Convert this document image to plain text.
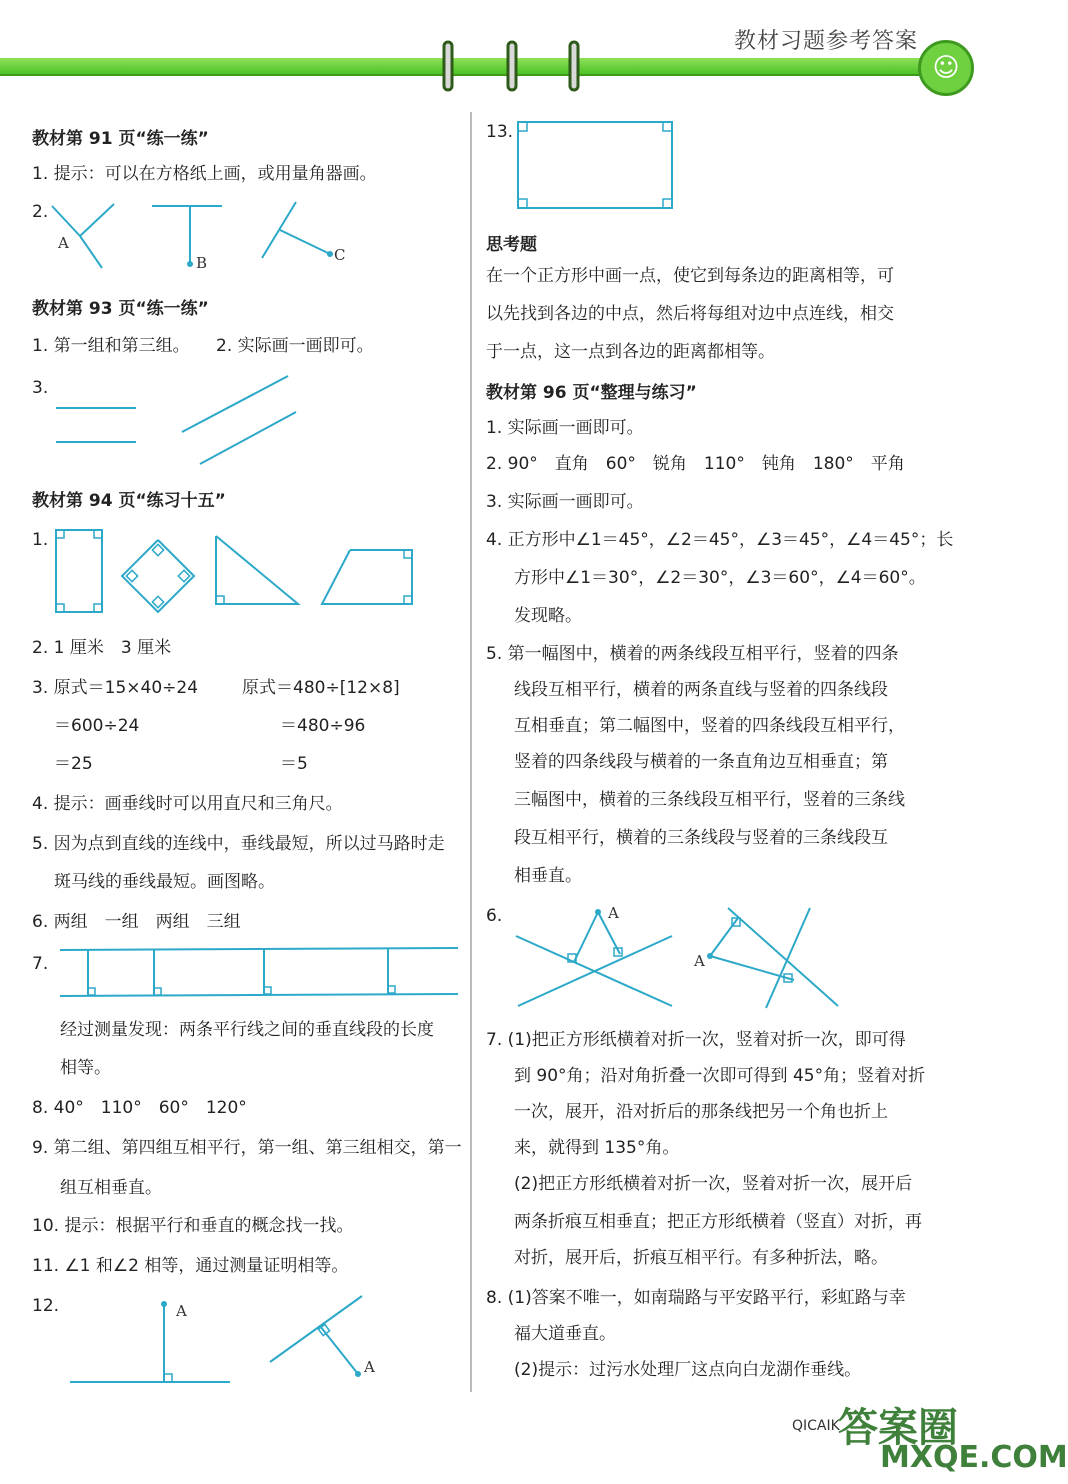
教材习题参考答案
☺
教材第 91 页“练一练”
1. 提示：可以在方格纸上画，或用量角器画。
2.
A
B	C
教材第 93 页“练一练”
1. 第一组和第三组。 2. 实际画一画即可。
3.
教材第 94 页“练习十五”
1.
2. 1 厘米　3 厘米
3. 原式＝15×40÷24
＝600÷24
＝25
原式＝480÷[12×8]
＝480÷96
＝5
4. 提示：画垂线时可以用直尺和三角尺。
5. 因为点到直线的连线中，垂线最短，所以过马路时走
斑马线的垂线最短。画图略。
6. 两组　一组　两组　三组
7.
经过测量发现：两条平行线之间的垂直线段的长度
相等。
8. 40°　110°　60°　120°
9. 第二组、第四组互相平行，第一组、第三组相交，第一
组互相垂直。
10. 提示：根据平行和垂直的概念找一找。
11. ∠1 和∠2 相等，通过测量证明相等。
12.	A
A
13.
思考题
在一个正方形中画一点，使它到每条边的距离相等，可
以先找到各边的中点，然后将每组对边中点连线，相交
于一点，这一点到各边的距离都相等。
教材第 96 页“整理与练习”
1. 实际画一画即可。
2. 90°　直角　60°　锐角　110°　钝角　180°　平角
3. 实际画一画即可。
4. 正方形中∠1＝45°，∠2＝45°，∠3＝45°，∠4＝45°；长
方形中∠1＝30°，∠2＝30°，∠3＝60°，∠4＝60°。
发现略。
5. 第一幅图中，横着的两条线段互相平行，竖着的四条
线段互相平行，横着的两条直线与竖着的四条线段
互相垂直；第二幅图中，竖着的四条线段互相平行，
竖着的四条线段与横着的一条直角边互相垂直；第
三幅图中，横着的三条线段互相平行，竖着的三条线
段互相平行，横着的三条线段与竖着的三条线段互
相垂直。
6.	A
A
7. (1)把正方形纸横着对折一次，竖着对折一次，即可得
到 90°角；沿对角折叠一次即可得到 45°角；竖着对折
一次，展开，沿对折后的那条线把另一个角也折上
来，就得到 135°角。
(2)把正方形纸横着对折一次，竖着对折一次，展开后
两条折痕互相垂直；把正方形纸横着（竖直）对折，再
对折，展开后，折痕互相平行。有多种折法，略。
8. (1)答案不唯一，如南瑞路与平安路平行，彩虹路与幸
福大道垂直。
(2)提示：过污水处理厂这点向白龙湖作垂线。
QICAIK
答案圈
MXQE.COM
